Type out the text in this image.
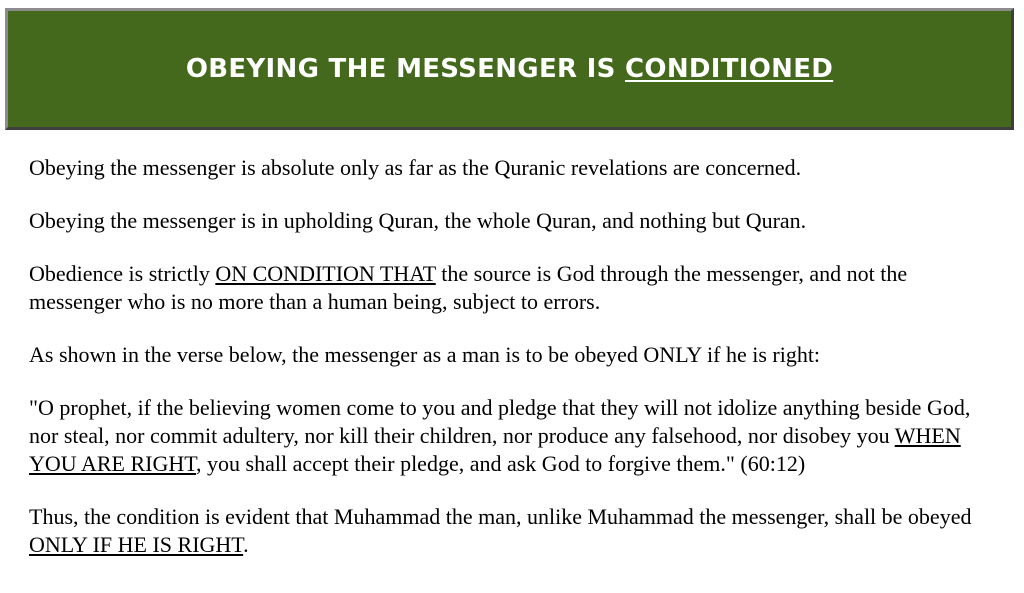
OBEYING THE MESSENGER IS CONDITIONED

Obeying the messenger is absolute only as far as the Quranic revelations are concerned.

Obeying the messenger is in upholding Quran, the whole Quran, and nothing but Quran.

Obedience is strictly ON CONDITION THAT the source is God through the messenger, and not the messenger who is no more than a human being, subject to errors.

As shown in the verse below, the messenger as a man is to be obeyed ONLY if he is right:

"O prophet, if the believing women come to you and pledge that they will not idolize anything beside God, nor steal, nor commit adultery, nor kill their children, nor produce any falsehood, nor disobey you WHEN YOU ARE RIGHT, you shall accept their pledge, and ask God to forgive them." (60:12)

Thus, the condition is evident that Muhammad the man, unlike Muhammad the messenger, shall be obeyed ONLY IF HE IS RIGHT.
